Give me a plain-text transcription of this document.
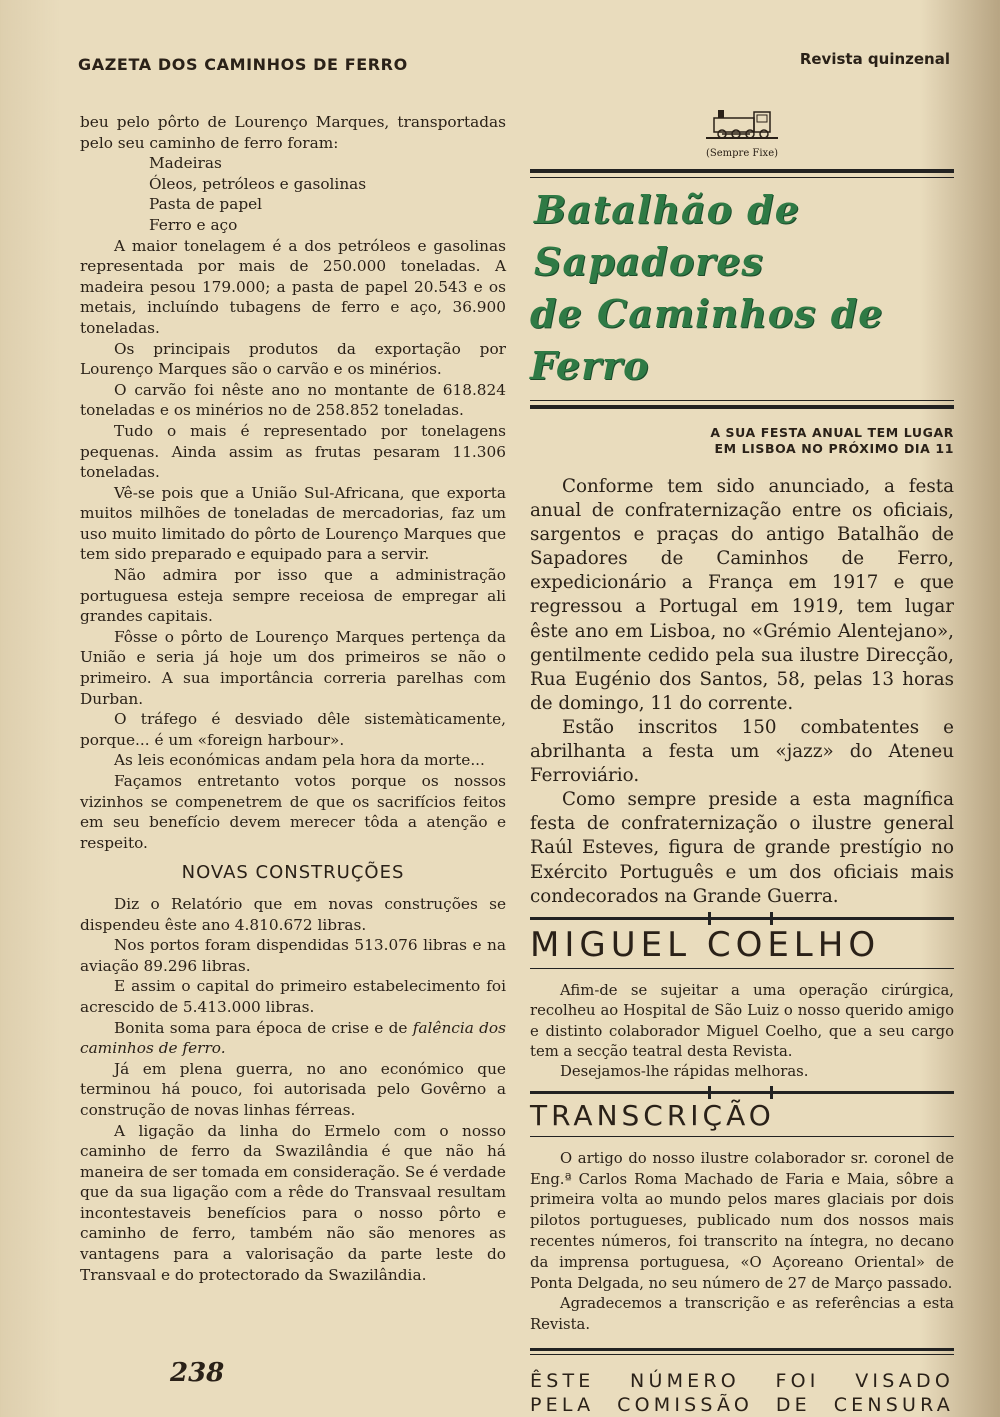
GAZETA DOS CAMINHOS DE FERRO	Revista quinzenal

beu pelo pôrto de Lourenço Marques, transportadas pelo seu caminho de ferro foram:

Madeiras

Óleos, petróleos e gasolinas

Pasta de papel

Ferro e aço

A maior tonelagem é a dos petróleos e gasolinas representada por mais de 250.000 toneladas. A madeira pesou 179.000; a pasta de papel 20.543 e os metais, incluíndo tubagens de ferro e aço, 36.900 toneladas.

Os principais produtos da exportação por Lourenço Marques são o carvão e os minérios.

O carvão foi nêste ano no montante de 618.824 toneladas e os minérios no de 258.852 toneladas.

Tudo o mais é representado por tonelagens pequenas. Ainda assim as frutas pesaram 11.306 toneladas.

Vê-se pois que a União Sul-Africana, que exporta muitos milhões de toneladas de mercadorias, faz um uso muito limitado do pôrto de Lourenço Marques que tem sido preparado e equipado para a servir.

Não admira por isso que a administração portuguesa esteja sempre receiosa de empregar ali grandes capitais.

Fôsse o pôrto de Lourenço Marques pertença da União e seria já hoje um dos primeiros se não o primeiro. A sua importância correria parelhas com Durban.

O tráfego é desviado dêle sistemàticamente, porque... é um «foreign harbour».

As leis económicas andam pela hora da morte...

Façamos entretanto votos porque os nossos vizinhos se compenetrem de que os sacrifícios feitos em seu benefício devem merecer tôda a atenção e respeito.

NOVAS CONSTRUÇÕES

Diz o Relatório que em novas construções se dispendeu êste ano 4.810.672 libras.

Nos portos foram dispendidas 513.076 libras e na aviação 89.296 libras.

E assim o capital do primeiro estabelecimento foi acrescido de 5.413.000 libras.

Bonita soma para época de crise e de falência dos caminhos de ferro.

Já em plena guerra, no ano económico que terminou há pouco, foi autorisada pelo Govêrno a construção de novas linhas férreas.

A ligação da linha do Ermelo com o nosso caminho de ferro da Swazilândia é que não há maneira de ser tomada em consideração. Se é verdade que da sua ligação com a rêde do Transvaal resultam incontestaveis benefícios para o nosso pôrto e caminho de ferro, também não são menores as vantagens para a valorisação da parte leste do Transvaal e do protectorado da Swazilândia.

238
(Sempre Fixe)
Batalhão de Sapadores
de Caminhos de Ferro
A SUA FESTA ANUAL TEM LUGAR
EM LISBOA NO PRÓXIMO DIA 11

Conforme tem sido anunciado, a festa anual de confraternização entre os oficiais, sargentos e praças do antigo Batalhão de Sapadores de Caminhos de Ferro, expedicionário a França em 1917 e que regressou a Portugal em 1919, tem lugar êste ano em Lisboa, no «Grémio Alentejano», gentilmente cedido pela sua ilustre Direcção, Rua Eugénio dos Santos, 58, pelas 13 horas de domingo, 11 do corrente.

Estão inscritos 150 combatentes e abrilhanta a festa um «jazz» do Ateneu Ferroviário.

Como sempre preside a esta magnífica festa de confraternização o ilustre general Raúl Esteves, figura de grande prestígio no Exército Português e um dos oficiais mais condecorados na Grande Guerra.

MIGUEL COELHO

Afim-de se sujeitar a uma operação cirúrgica, recolheu ao Hospital de São Luiz o nosso querido amigo e distinto colaborador Miguel Coelho, que a seu cargo tem a secção teatral desta Revista.

Desejamos-lhe rápidas melhoras.

TRANSCRIÇÃO

O artigo do nosso ilustre colaborador sr. coronel de Eng.ª Carlos Roma Machado de Faria e Maia, sôbre a primeira volta ao mundo pelos mares glaciais por dois pilotos portugueses, publicado num dos nossos mais recentes números, foi transcrito na íntegra, no decano da imprensa portuguesa, «O Açoreano Oriental» de Ponta Delgada, no seu número de 27 de Março passado.

Agradecemos a transcrição e as referências a esta Revista.

ÊSTE NÚMERO FOI VISADO
PELA COMISSÃO DE CENSURA
